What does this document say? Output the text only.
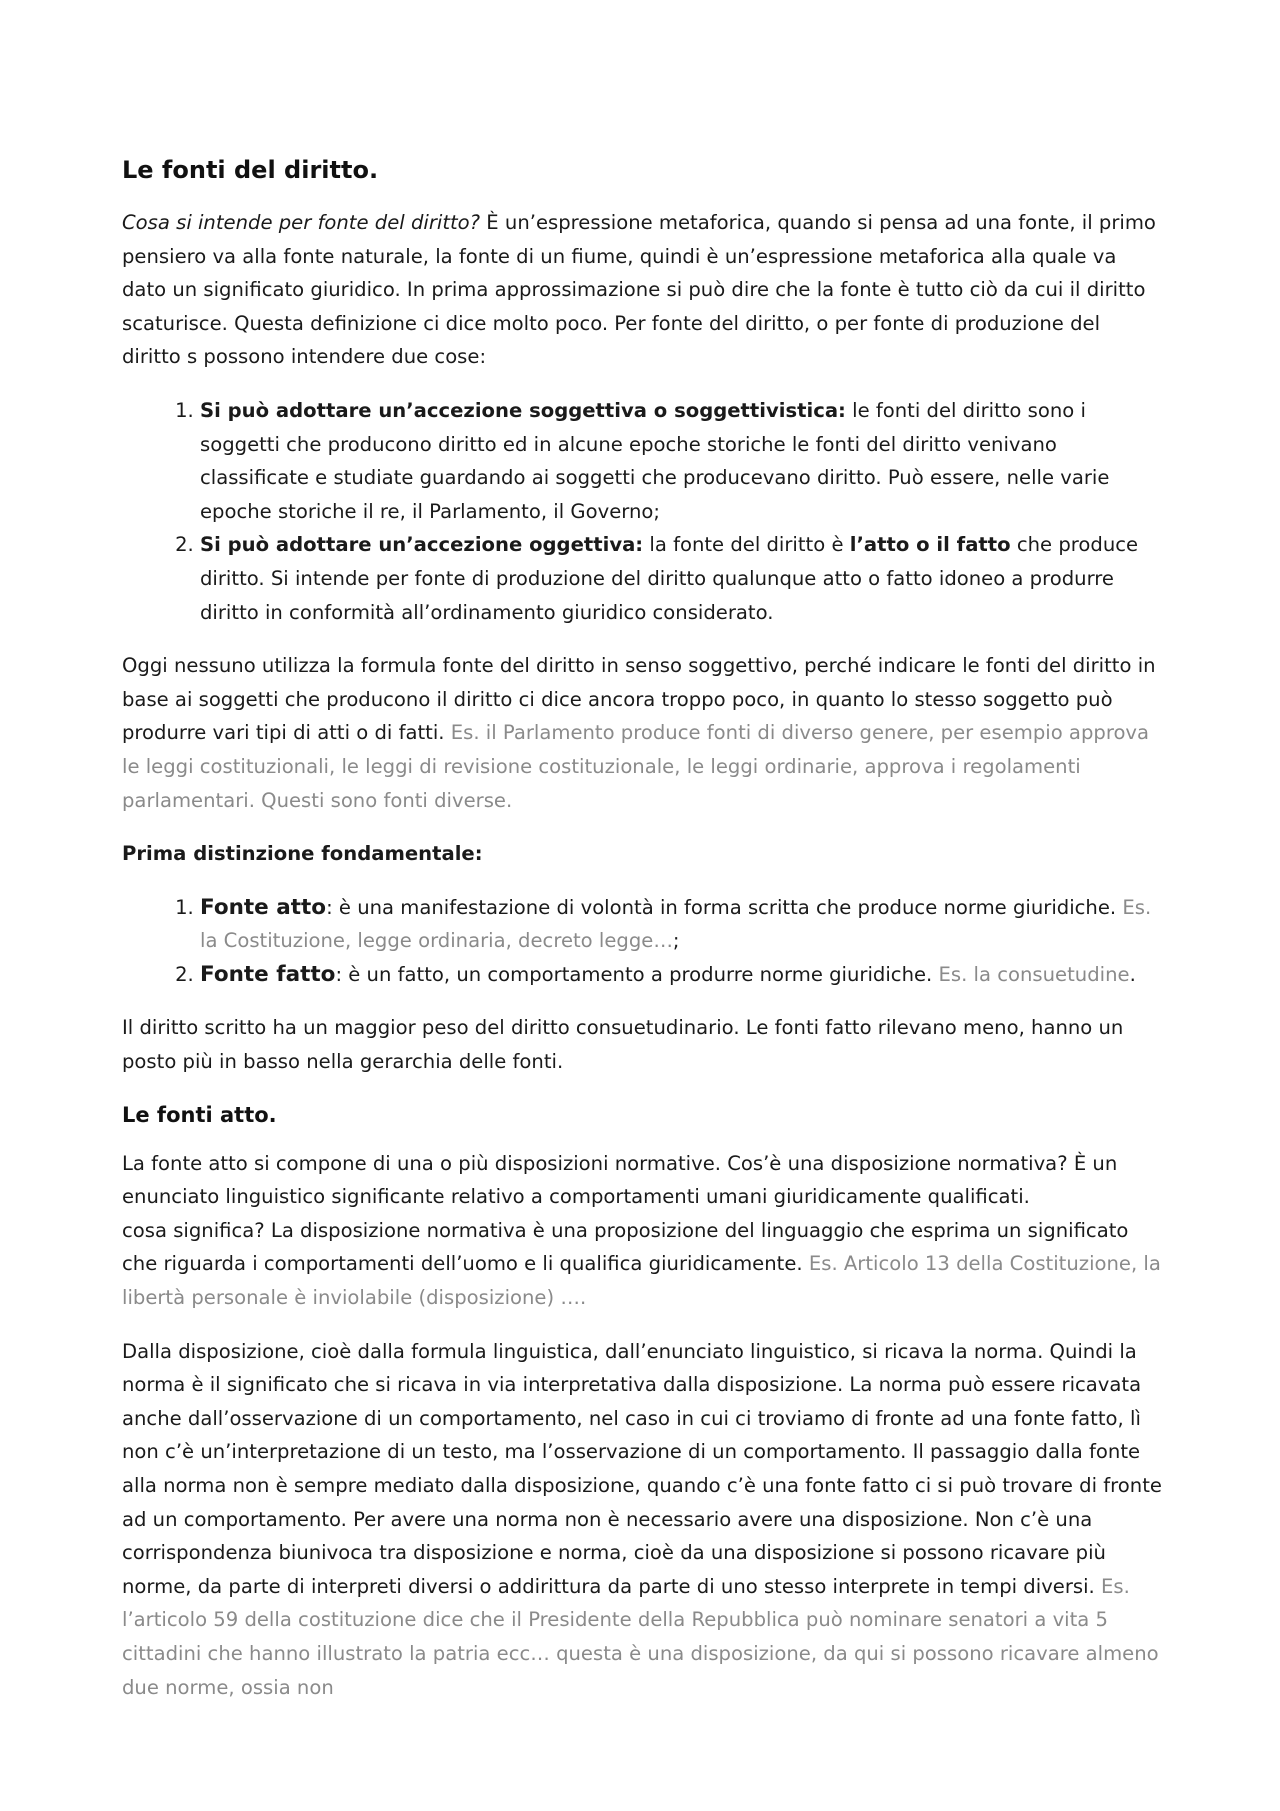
Le fonti del diritto.

Cosa si intende per fonte del diritto? È un’espressione metaforica, quando si pensa ad una fonte, il primo pensiero va alla fonte naturale, la fonte di un fiume, quindi è un’espressione metaforica alla quale va dato un significato giuridico. In prima approssimazione si può dire che la fonte è tutto ciò da cui il diritto scaturisce. Questa definizione ci dice molto poco. Per fonte del diritto, o per fonte di produzione del diritto s possono intendere due cose:

1. Si può adottare un’accezione soggettiva o soggettivistica: le fonti del diritto sono i soggetti che producono diritto ed in alcune epoche storiche le fonti del diritto venivano classificate e studiate guardando ai soggetti che producevano diritto. Può essere, nelle varie epoche storiche il re, il Parlamento, il Governo;
2. Si può adottare un’accezione oggettiva: la fonte del diritto è l’atto o il fatto che produce diritto. Si intende per fonte di produzione del diritto qualunque atto o fatto idoneo a produrre diritto in conformità all’ordinamento giuridico considerato.

Oggi nessuno utilizza la formula fonte del diritto in senso soggettivo, perché indicare le fonti del diritto in base ai soggetti che producono il diritto ci dice ancora troppo poco, in quanto lo stesso soggetto può produrre vari tipi di atti o di fatti. Es. il Parlamento produce fonti di diverso genere, per esempio approva le leggi costituzionali, le leggi di revisione costituzionale, le leggi ordinarie, approva i regolamenti parlamentari. Questi sono fonti diverse.

Prima distinzione fondamentale:

1. Fonte atto: è una manifestazione di volontà in forma scritta che produce norme giuridiche. Es. la Costituzione, legge ordinaria, decreto legge…;
2. Fonte fatto: è un fatto, un comportamento a produrre norme giuridiche. Es. la consuetudine.

Il diritto scritto ha un maggior peso del diritto consuetudinario. Le fonti fatto rilevano meno, hanno un posto più in basso nella gerarchia delle fonti.

Le fonti atto.

La fonte atto si compone di una o più disposizioni normative. Cos’è una disposizione normativa? È un enunciato linguistico significante relativo a comportamenti umani giuridicamente qualificati.
cosa significa? La disposizione normativa è una proposizione del linguaggio che esprima un significato che riguarda i comportamenti dell’uomo e li qualifica giuridicamente. Es. Articolo 13 della Costituzione, la libertà personale è inviolabile (disposizione) ….

Dalla disposizione, cioè dalla formula linguistica, dall’enunciato linguistico, si ricava la norma. Quindi la norma è il significato che si ricava in via interpretativa dalla disposizione. La norma può essere ricavata anche dall’osservazione di un comportamento, nel caso in cui ci troviamo di fronte ad una fonte fatto, lì non c’è un’interpretazione di un testo, ma l’osservazione di un comportamento. Il passaggio dalla fonte alla norma non è sempre mediato dalla disposizione, quando c’è una fonte fatto ci si può trovare di fronte ad un comportamento. Per avere una norma non è necessario avere una disposizione. Non c’è una corrispondenza biunivoca tra disposizione e norma, cioè da una disposizione si possono ricavare più norme, da parte di interpreti diversi o addirittura da parte di uno stesso interprete in tempi diversi. Es. l’articolo 59 della costituzione dice che il Presidente della Repubblica può nominare senatori a vita 5 cittadini che hanno illustrato la patria ecc… questa è una disposizione, da qui si possono ricavare almeno due norme, ossia non
